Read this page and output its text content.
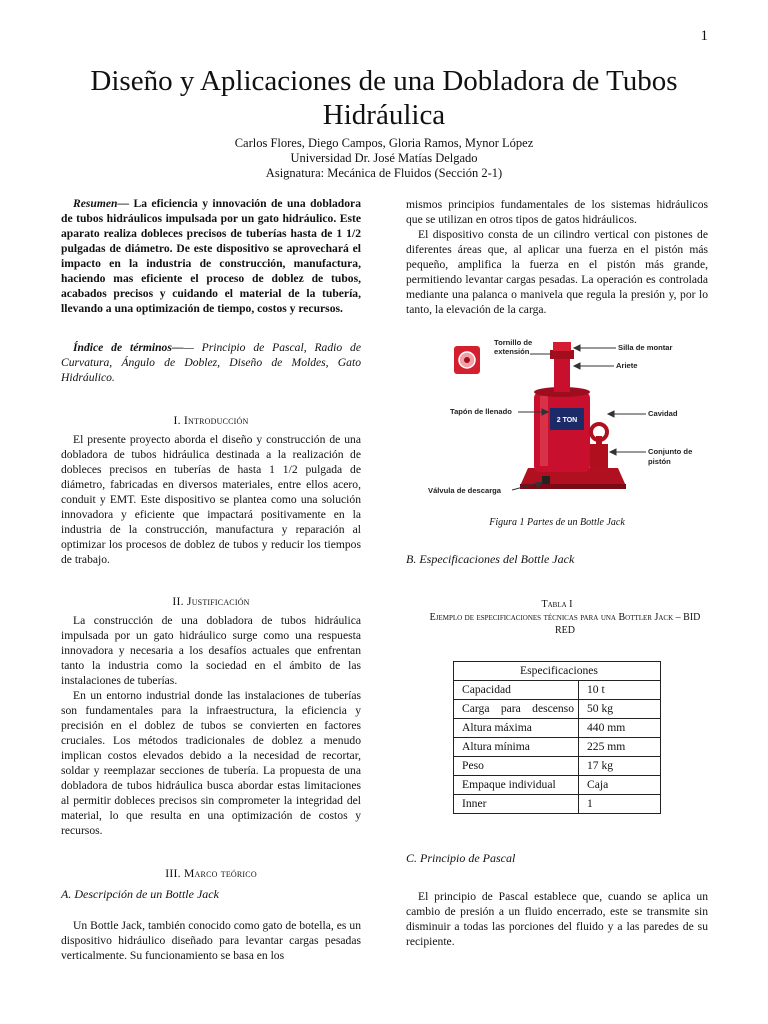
1
Diseño y Aplicaciones de una Dobladora de Tubos Hidráulica
Carlos Flores, Diego Campos, Gloria Ramos, Mynor López
Universidad Dr. José Matías Delgado
Asignatura: Mecánica de Fluidos (Sección 2-1)

Resumen— La eficiencia y innovación de una dobladora de tubos hidráulicos impulsada por un gato hidráulico. Este aparato realiza dobleces precisos de tuberías hasta de 1 1/2 pulgadas de diámetro. De este dispositivo se aprovechará el impacto en la industria de construcción, manufactura, haciendo mas eficiente el proceso de doblez de tubos, acabados precisos y cuidando el material de la tubería, llevando a una optimización de tiempo, costos y recursos.

Índice de términos—— Principio de Pascal, Radio de Curvatura, Ángulo de Doblez, Diseño de Moldes, Gato Hidráulico.

I. Introducción

El presente proyecto aborda el diseño y construcción de una dobladora de tubos hidráulica destinada a la realización de dobleces precisos en tuberías de hasta 1 1/2 pulgada de diámetro, fabricadas en diversos materiales, entre ellos acero, conduit y EMT. Este dispositivo se plantea como una solución innovadora y eficiente que impactará positivamente en la industria de la construcción, manufactura y reparación al optimizar los procesos de doblez de tubos y reducir los tiempos de trabajo.

II. Justificación

La construcción de una dobladora de tubos hidráulica impulsada por un gato hidráulico surge como una respuesta innovadora y necesaria a los desafíos actuales que enfrentan tanto la industria como la sociedad en el ámbito de las instalaciones de tuberías.

En un entorno industrial donde las instalaciones de tuberías son fundamentales para la infraestructura, la eficiencia y precisión en el doblez de tubos se convierten en factores cruciales. Los métodos tradicionales de doblez a menudo implican costos elevados debido a la necesidad de recortar, soldar y reemplazar secciones de tubería. La propuesta de una dobladora de tubos hidráulica busca abordar estas limitaciones al permitir dobleces precisos sin comprometer la integridad del material, lo que resulta en una optimización de costos y recursos.

III. Marco teórico
A. Descripción de un Bottle Jack

Un Bottle Jack, también conocido como gato de botella, es un dispositivo hidráulico diseñado para levantar cargas pesadas verticalmente. Su funcionamiento se basa en los

mismos principios fundamentales de los sistemas hidráulicos que se utilizan en otros tipos de gatos hidráulicos.

El dispositivo consta de un cilindro vertical con pistones de diferentes áreas que, al aplicar una fuerza en el pistón más pequeño, amplifica la fuerza en el pistón más grande, permitiendo levantar cargas pesadas. La operación es controlada mediante una palanca o manivela que regula la presión y, por lo tanto, la elevación de la carga.

2 TON
Tornillo de extensión	Silla de montar
Ariete
Tapón de llenado	Cavidad
Conjunto de pistón
Válvula de descarga
Figura 1 Partes de un Bottle Jack
B. Especificaciones del Bottle Jack
Tabla I
Ejemplo de especificaciones técnicas para una Bottler Jack – BID RED
Especificaciones	
Capacidad	10 t
Carga para descenso	50 kg
Altura máxima	440 mm
Altura mínima	225 mm
Peso	17 kg
Empaque individual	Caja
Inner	1
C. Principio de Pascal

El principio de Pascal establece que, cuando se aplica un cambio de presión a un fluido encerrado, este se transmite sin disminuir a todas las porciones del fluido y a las paredes de su recipiente.
